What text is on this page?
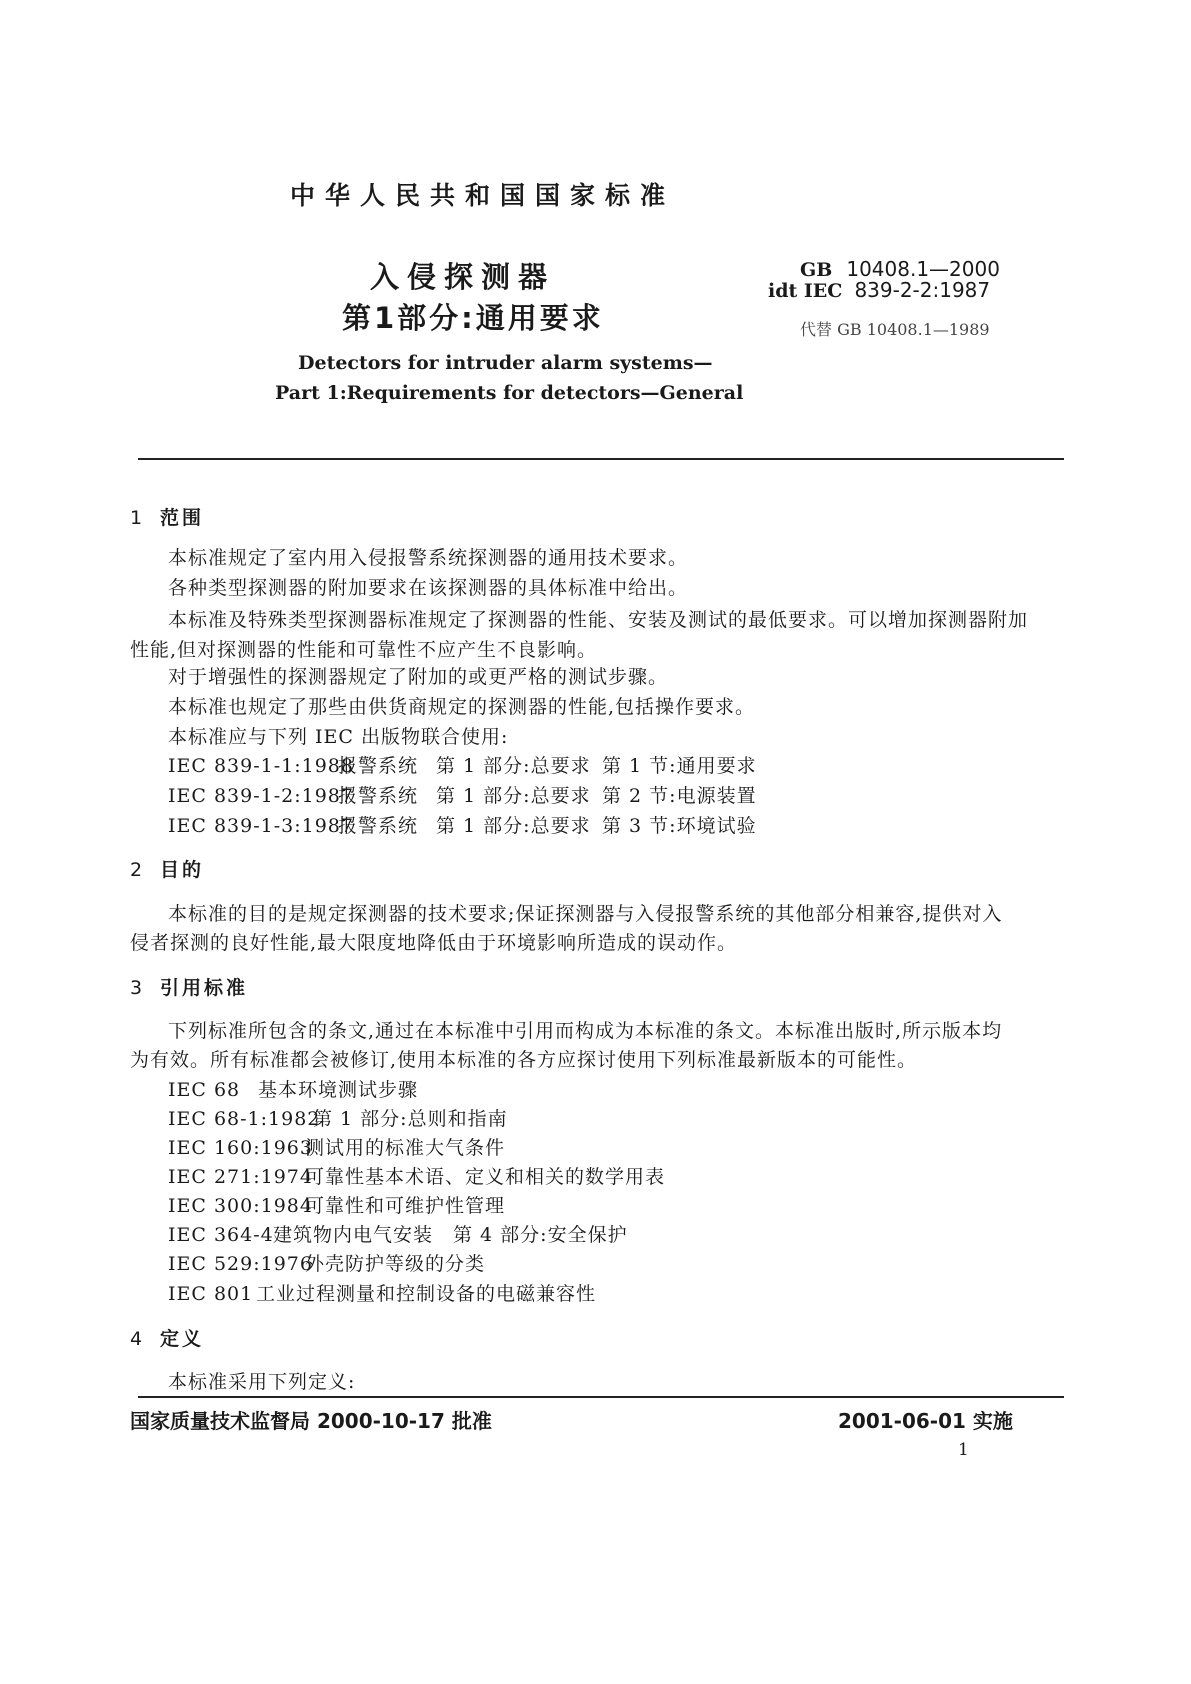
中华人民共和国国家标准
入侵探测器
第1部分:通用要求
GB 10408.1—2000
idt IEC 839-2-2:1987
代替 GB 10408.1—1989
Detectors for intruder alarm systems—
Part 1:Requirements for detectors—General
1 范围
本标准规定了室内用入侵报警系统探测器的通用技术要求。
各种类型探测器的附加要求在该探测器的具体标准中给出。
本标准及特殊类型探测器标准规定了探测器的性能、安装及测试的最低要求。可以增加探测器附加
性能,但对探测器的性能和可靠性不应产生不良影响。
对于增强性的探测器规定了附加的或更严格的测试步骤。
本标准也规定了那些由供货商规定的探测器的性能,包括操作要求。
本标准应与下列 IEC 出版物联合使用:
IEC 839-1-1:1988报警系统 第 1 部分:总要求 第 1 节:通用要求
IEC 839-1-2:1987报警系统 第 1 部分:总要求 第 2 节:电源装置
IEC 839-1-3:1987报警系统 第 1 部分:总要求 第 3 节:环境试验
2 目的
本标准的目的是规定探测器的技术要求;保证探测器与入侵报警系统的其他部分相兼容,提供对入
侵者探测的良好性能,最大限度地降低由于环境影响所造成的误动作。
3 引用标准
下列标准所包含的条文,通过在本标准中引用而构成为本标准的条文。本标准出版时,所示版本均
为有效。所有标准都会被修订,使用本标准的各方应探讨使用下列标准最新版本的可能性。
IEC 68 基本环境测试步骤
IEC 68-1:1982第 1 部分:总则和指南
IEC 160:1963测试用的标准大气条件
IEC 271:1974可靠性基本术语、定义和相关的数学用表
IEC 300:1984可靠性和可维护性管理
IEC 364-4建筑物内电气安装　第 4 部分:安全保护
IEC 529:1976外壳防护等级的分类
IEC 801 工业过程测量和控制设备的电磁兼容性
4 定义
本标准采用下列定义:
国家质量技术监督局 2000-10-17 批准	2001-06-01 实施
1
